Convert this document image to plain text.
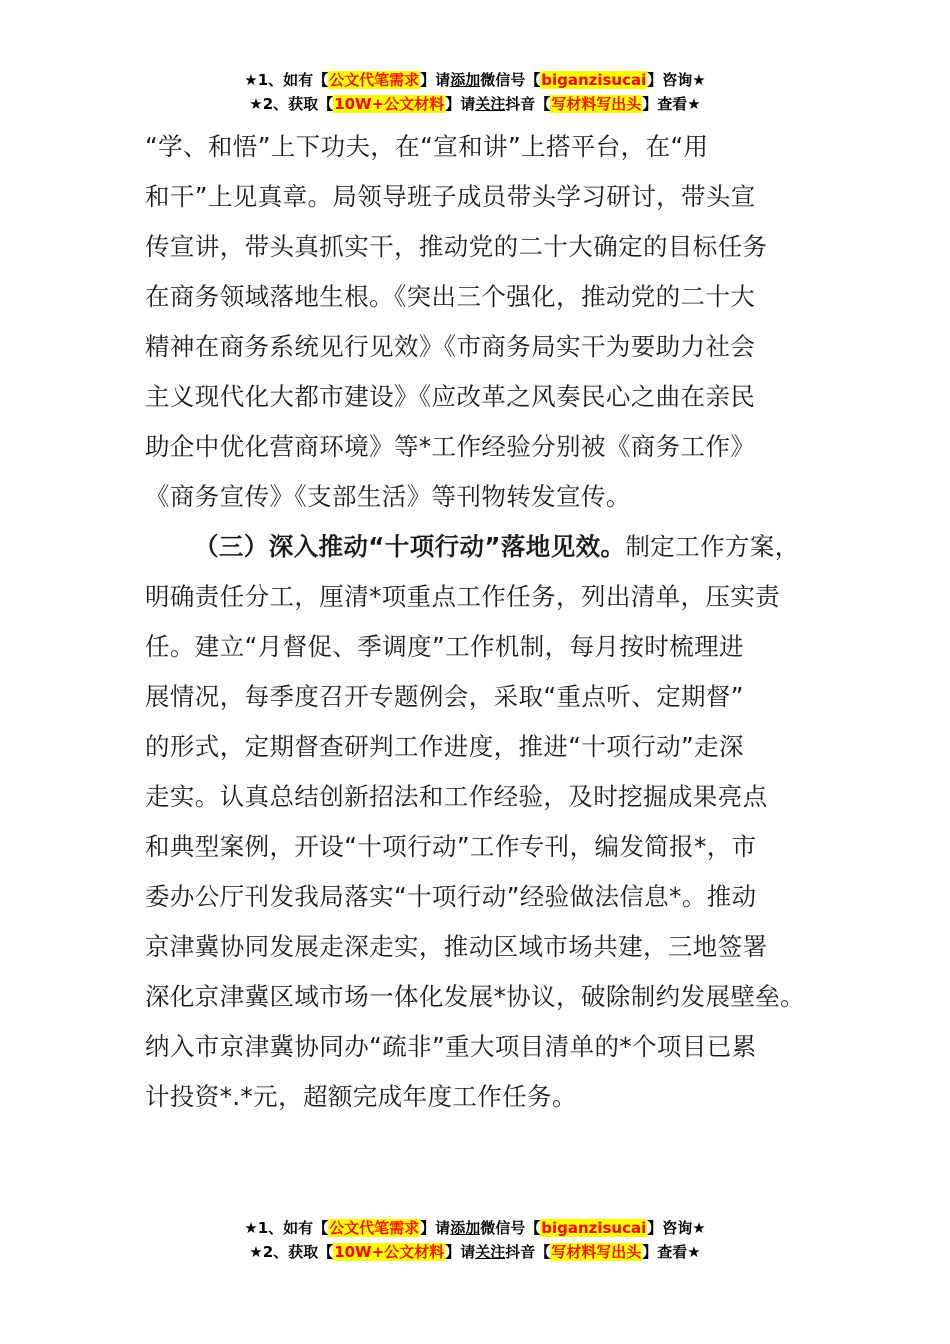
★1、如有【公文代笔需求】请添加微信号【biganzisucai】咨询★
★2、获取【10W+公文材料】请关注抖音【写材料写出头】查看★

“学、和悟”上下功夫，在“宣和讲”上搭平台，在“用

和干”上见真章。局领导班子成员带头学习研讨，带头宣

传宣讲，带头真抓实干，推动党的二十大确定的目标任务

在商务领域落地生根。《突出三个强化，推动党的二十大

精神在商务系统见行见效》《市商务局实干为要助力社会

主义现代化大都市建设》《应改革之风奏民心之曲在亲民

助企中优化营商环境》等*工作经验分别被《商务工作》

《商务宣传》《支部生活》等刊物转发宣传。

（三）深入推动“十项行动”落地见效。制定工作方案，

明确责任分工，厘清*项重点工作任务，列出清单，压实责

任。建立“月督促、季调度”工作机制，每月按时梳理进

展情况，每季度召开专题例会，采取“重点听、定期督”

的形式，定期督查研判工作进度，推进“十项行动”走深

走实。认真总结创新招法和工作经验，及时挖掘成果亮点

和典型案例，开设“十项行动”工作专刊，编发简报*，市

委办公厅刊发我局落实“十项行动”经验做法信息*。推动

京津冀协同发展走深走实，推动区域市场共建，三地签署

深化京津冀区域市场一体化发展*协议，破除制约发展壁垒。

纳入市京津冀协同办“疏非”重大项目清单的*个项目已累

计投资*.*元，超额完成年度工作任务。

★1、如有【公文代笔需求】请添加微信号【biganzisucai】咨询★
★2、获取【10W+公文材料】请关注抖音【写材料写出头】查看★
